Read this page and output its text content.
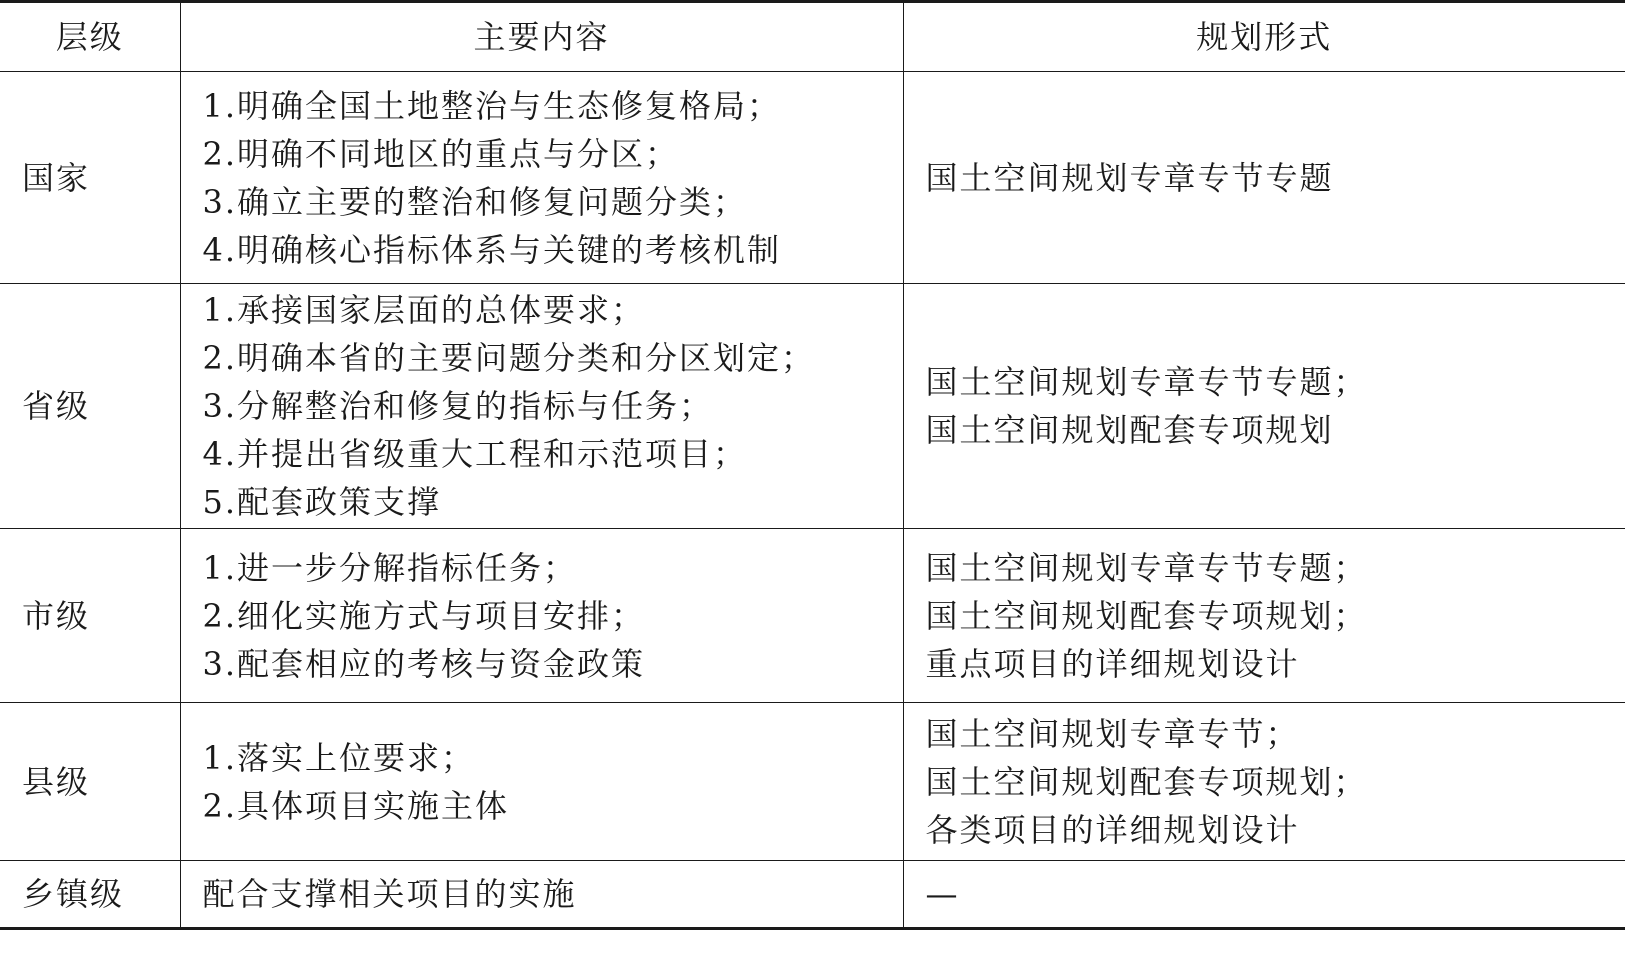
层级	主要内容	规划形式
国家	1.明确全国土地整治与生态修复格局；
2.明确不同地区的重点与分区；
3.确立主要的整治和修复问题分类；
4.明确核心指标体系与关键的考核机制	国土空间规划专章专节专题

省级	1.承接国家层面的总体要求；
2.明确本省的主要问题分类和分区划定；
3.分解整治和修复的指标与任务；
4.并提出省级重大工程和示范项目；
5.配套政策支撑	国土空间规划专章专节专题；
国土空间规划配套专项规划

市级	1.进一步分解指标任务；
2.细化实施方式与项目安排；
3.配套相应的考核与资金政策	国土空间规划专章专节专题；
国土空间规划配套专项规划；
重点项目的详细规划设计

县级	1.落实上位要求；
2.具体项目实施主体	国土空间规划专章专节；
国土空间规划配套专项规划；
各类项目的详细规划设计

乡镇级	配合支撑相关项目的实施	—
